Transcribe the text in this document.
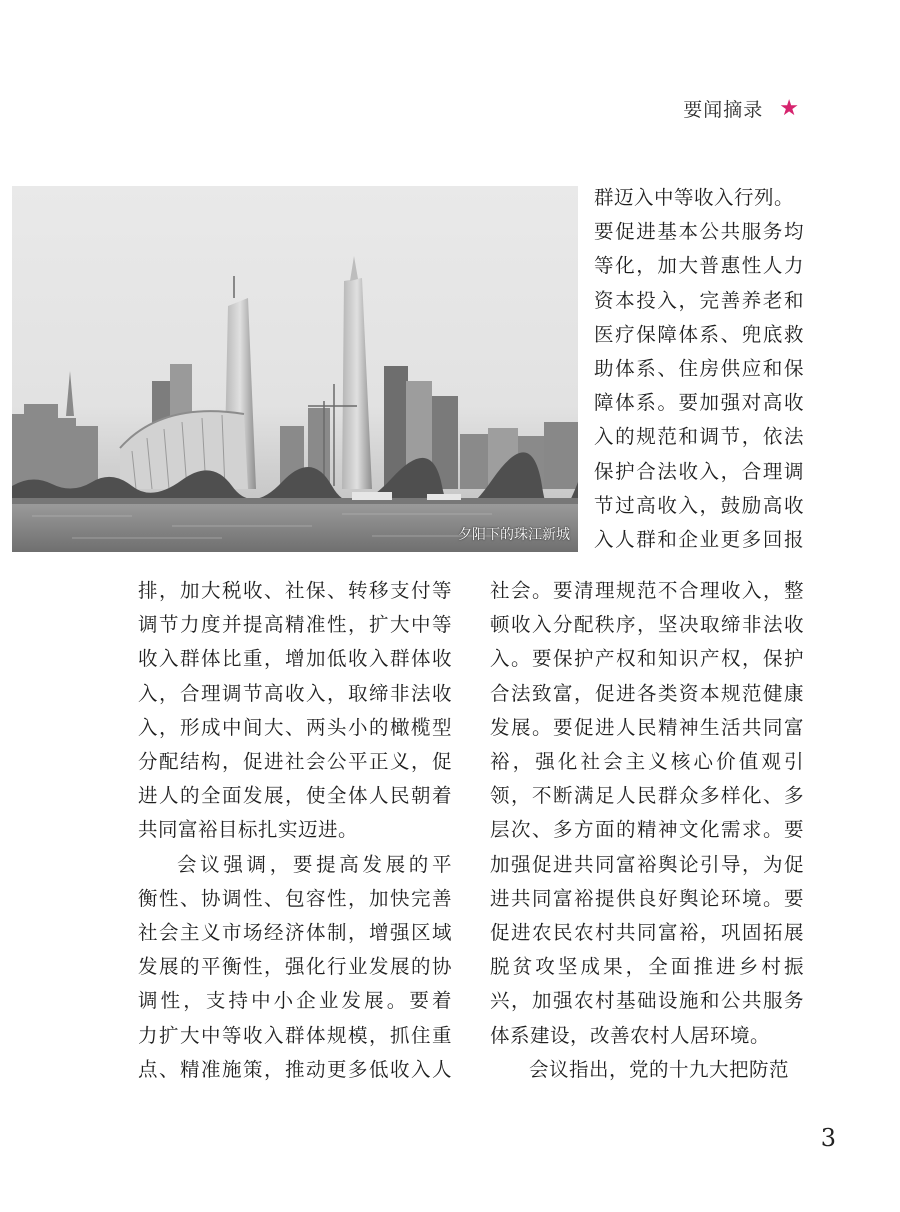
要闻摘录 ★
夕阳下的珠江新城
群迈入中等收入行列。
要促进基本公共服务均
等化，加大普惠性人力
资本投入，完善养老和
医疗保障体系、兜底救
助体系、住房供应和保
障体系。要加强对高收
入的规范和调节，依法
保护合法收入，合理调
节过高收入，鼓励高收
入人群和企业更多回报
排，加大税收、社保、转移支付等
调节力度并提高精准性，扩大中等
收入群体比重，增加低收入群体收
入，合理调节高收入，取缔非法收
入，形成中间大、两头小的橄榄型
分配结构，促进社会公平正义，促
进人的全面发展，使全体人民朝着
共同富裕目标扎实迈进。
会议强调，要提高发展的平
衡性、协调性、包容性，加快完善
社会主义市场经济体制，增强区域
发展的平衡性，强化行业发展的协
调性，支持中小企业发展。要着
力扩大中等收入群体规模，抓住重
点、精准施策，推动更多低收入人
社会。要清理规范不合理收入，整
顿收入分配秩序，坚决取缔非法收
入。要保护产权和知识产权，保护
合法致富，促进各类资本规范健康
发展。要促进人民精神生活共同富
裕，强化社会主义核心价值观引
领，不断满足人民群众多样化、多
层次、多方面的精神文化需求。要
加强促进共同富裕舆论引导，为促
进共同富裕提供良好舆论环境。要
促进农民农村共同富裕，巩固拓展
脱贫攻坚成果，全面推进乡村振
兴，加强农村基础设施和公共服务
体系建设，改善农村人居环境。
会议指出，党的十九大把防范
3
